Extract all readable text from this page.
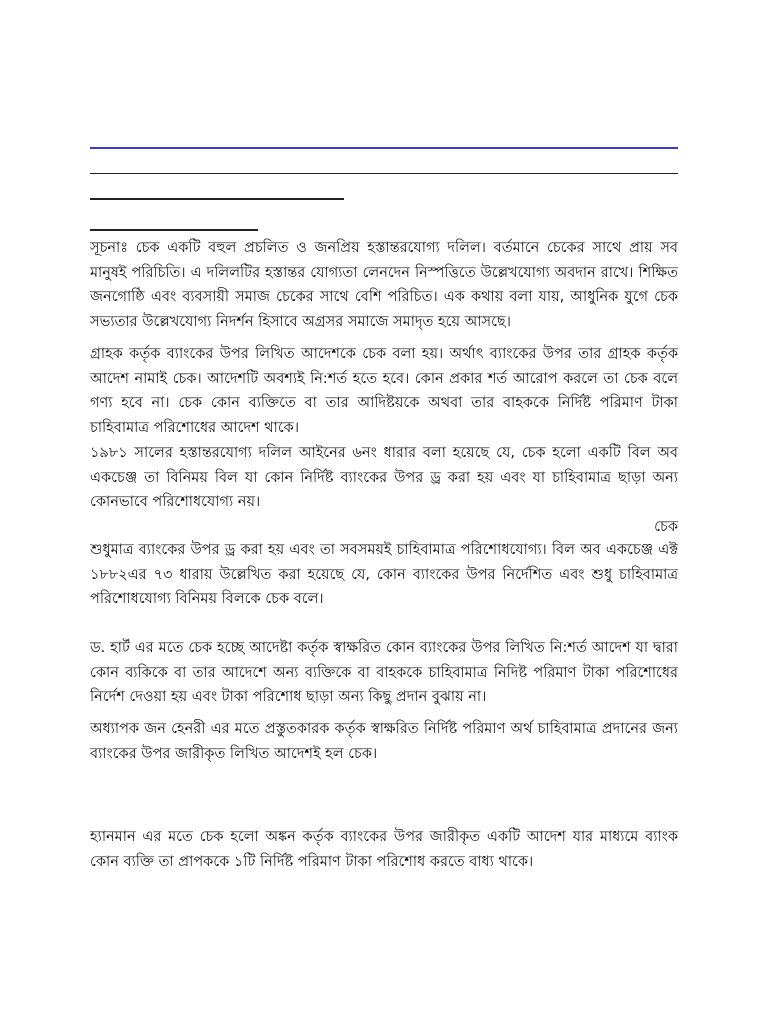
সূচনাঃ চেক একটি বহুল প্রচলিত ও জনপ্রিয় হস্তান্তরযোগ্য দলিল। বর্তমানে চেকের সাথে প্রায় সব মানুষই পরিচিতি। এ দলিলটির হস্তান্তর যোগ্যতা লেনদেন নিস্পত্তিতে উল্লেখযোগ্য অবদান রাখে। শিক্ষিত জনগোষ্ঠি এবং ব্যবসায়ী সমাজ চেকের সাথে বেশি পরিচিত। এক কথায় বলা যায়, আধুনিক যুগে চেক সভ্যতার উল্লেখযোগ্য নিদর্শন হিসাবে অগ্রসর সমাজে সমাদৃত হয়ে আসছে।

গ্রাহক কর্তৃক ব্যাংকের উপর লিখিত আদেশকে চেক বলা হয়। অর্থাৎ ব্যাংকের উপর তার গ্রাহক কর্তৃক আদেশ নামাই চেক। আদেশটি অবশ্যই নি:শর্ত হতে হবে। কোন প্রকার শর্ত আরোপ করলে তা চেক বলে গণ্য হবে না। চেক কোন ব্যক্তিতে বা তার আদিষ্টয়কে অথবা তার বাহককে নির্দিষ্ট পরিমাণ টাকা চাহিবামাত্র পরিশোধের আদেশ থাকে।

১৯৮১ সালের হস্তান্তরযোগ্য দলিল আইনের ৬নং ধারার বলা হয়েছে যে, চেক হলো একটি বিল অব একচেঞ্জ তা বিনিময় বিল যা কোন নির্দিষ্ট ব্যাংকের উপর ড্র করা হয় এবং যা চাহিবামাত্র ছাড়া অন্য কোনভাবে পরিশোধযোগ্য নয়।

চেক

শুধুমাত্র ব্যাংকের উপর ড্র করা হয় এবং তা সবসময়ই চাহিবামাত্র পরিশোধযোগ্য। বিল অব একচেঞ্জ এক্ট ১৮৮২এর ৭৩ ধারায় উল্লেখিত করা হয়েছে যে, কোন ব্যাংকের উপর নির্দেশিত এবং শুধু চাহিবামাত্র পরিশোধযোগ্য বিনিময় বিলকে চেক বলে।

ড. হার্ট এর মতে চেক হচ্ছে আদেষ্টা কর্তৃক স্বাক্ষরিত কোন ব্যাংকের উপর লিখিত নি:শর্ত আদেশ যা দ্বারা কোন ব্যকিকে বা তার আদেশে অন্য ব্যক্তিকে বা বাহককে চাহিবামাত্র নিদিষ্ট পরিমাণ টাকা পরিশোধের নির্দেশ দেওয়া হয় এবং টাকা পরিশোধ ছাড়া অন্য কিছু প্রদান বুঝায় না।

অধ্যাপক জন হেনরী এর মতে প্রস্তুতকারক কর্তৃক স্বাক্ষরিত নির্দিষ্ট পরিমাণ অর্থ চাহিবামাত্র প্রদানের জন্য ব্যাংকের উপর জারীকৃত লিখিত আদেশই হল চেক।

হ্যানমান এর মতে চেক হলো অঙ্কন কর্তৃক ব্যাংকের উপর জারীকৃত একটি আদেশ যার মাধ্যমে ব্যাংক কোন ব্যক্তি তা প্রাপককে ১টি নির্দিষ্ট পরিমাণ টাকা পরিশোধ করতে বাধ্য থাকে।
